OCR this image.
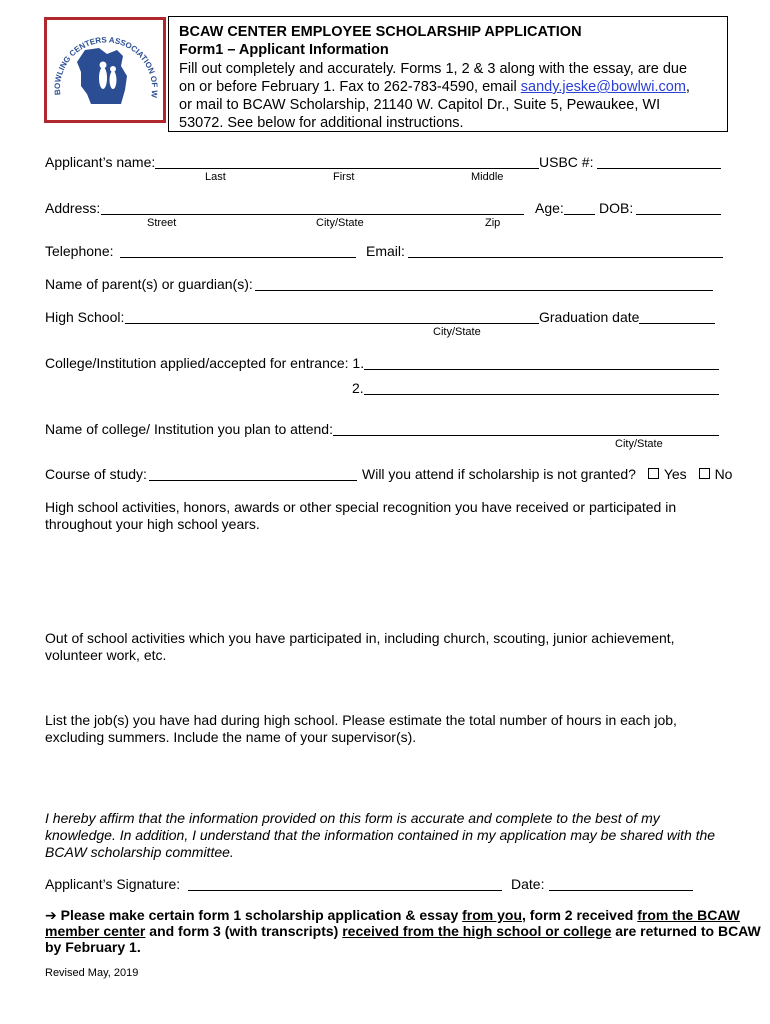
BOWLING CENTERS ASSOCIATION OF W
BCAW CENTER EMPLOYEE SCHOLARSHIP APPLICATION
Form1 – Applicant Information
Fill out completely and accurately. Forms 1, 2 & 3 along with the essay, are due
on or before February 1. Fax to 262-783-4590, email sandy.jeske@bowlwi.com,
or mail to BCAW Scholarship, 21140 W. Capitol Dr., Suite 5, Pewaukee, WI
53072. See below for additional instructions.
Applicant’s name:	USBC #:
Last	First	Middle
Address:	Age:	DOB:
Street	City/State	Zip
Telephone:	Email:
Name of parent(s) or guardian(s):
High School:	Graduation date
City/State
College/Institution applied/accepted for entrance: 1.
2.
Name of college/ Institution you plan to attend:
City/State
Course of study:	Will you attend if scholarship is not granted? Yes No
High school activities, honors, awards or other special recognition you have received or participated in
throughout your high school years.
Out of school activities which you have participated in, including church, scouting, junior achievement,
volunteer work, etc.
List the job(s) you have had during high school. Please estimate the total number of hours in each job,
excluding summers. Include the name of your supervisor(s).
I hereby affirm that the information provided on this form is accurate and complete to the best of my
knowledge. In addition, I understand that the information contained in my application may be shared with the
BCAW scholarship committee.
Applicant’s Signature:	Date:
➔ Please make certain form 1 scholarship application & essay from you, form 2 received from the BCAW
member center and form 3 (with transcripts) received from the high school or college are returned to BCAW
by February 1.
Revised May, 2019
